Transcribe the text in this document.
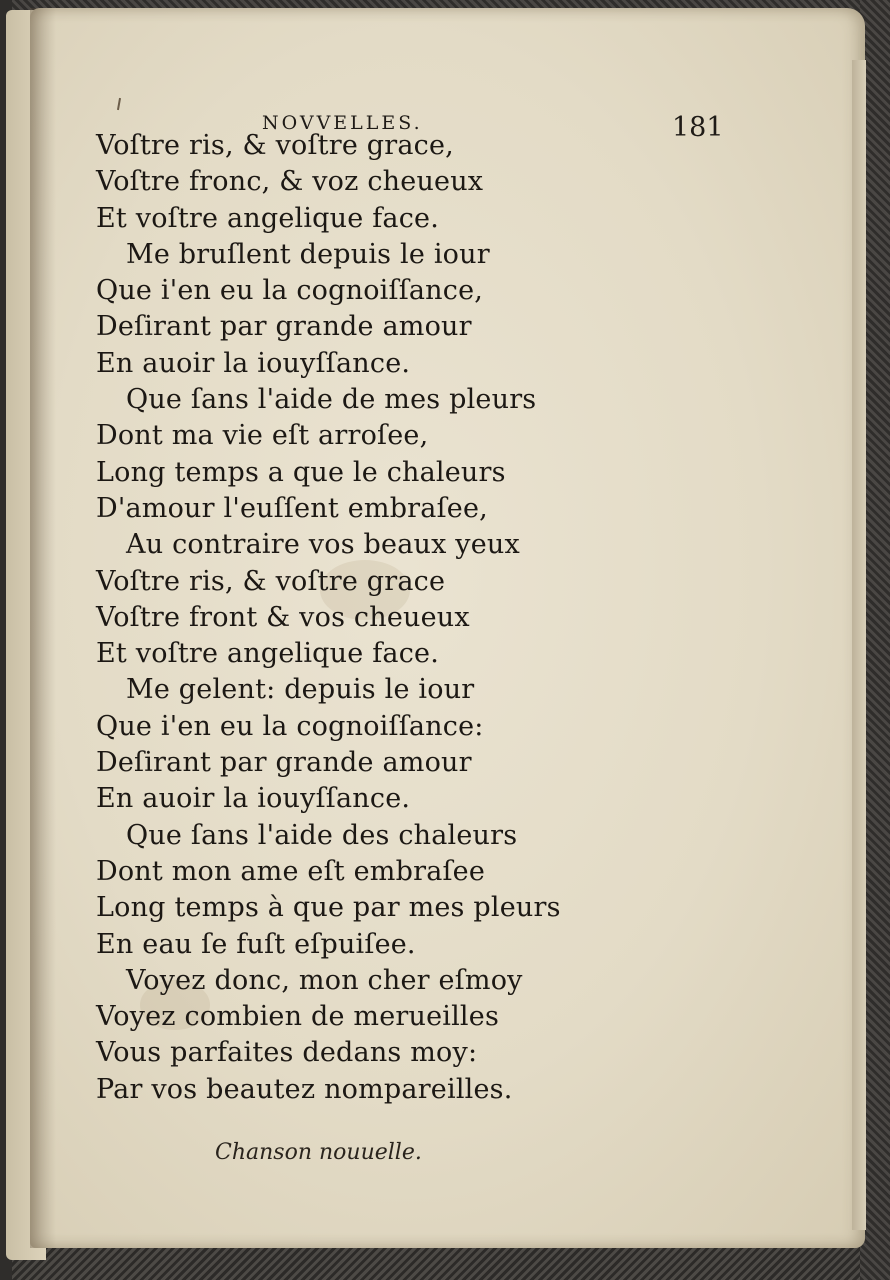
NOVVELLES.	181
Voſtre ris, & voſtre grace,
Voſtre fronc, & voz cheueux
Et voſtre angelique face.
Me bruſlent depuis le iour
Que i'en eu la cognoiſſance,
Deſirant par grande amour
En auoir la iouyſſance.
Que ſans l'aide de mes pleurs
Dont ma vie eſt arroſee,
Long temps a que le chaleurs
D'amour l'euſſent embraſee,
Au contraire vos beaux yeux
Voſtre ris, & voſtre grace
Voſtre front & vos cheueux
Et voſtre angelique face.
Me gelent: depuis le iour
Que i'en eu la cognoiſſance:
Deſirant par grande amour
En auoir la iouyſſance.
Que ſans l'aide des chaleurs
Dont mon ame eſt embraſee
Long temps à que par mes pleurs
En eau ſe fuſt eſpuiſee.
Voyez donc, mon cher eſmoy
Voyez combien de merueilles
Vous parfaites dedans moy:
Par vos beautez nompareilles.
Chanson nouuelle.
